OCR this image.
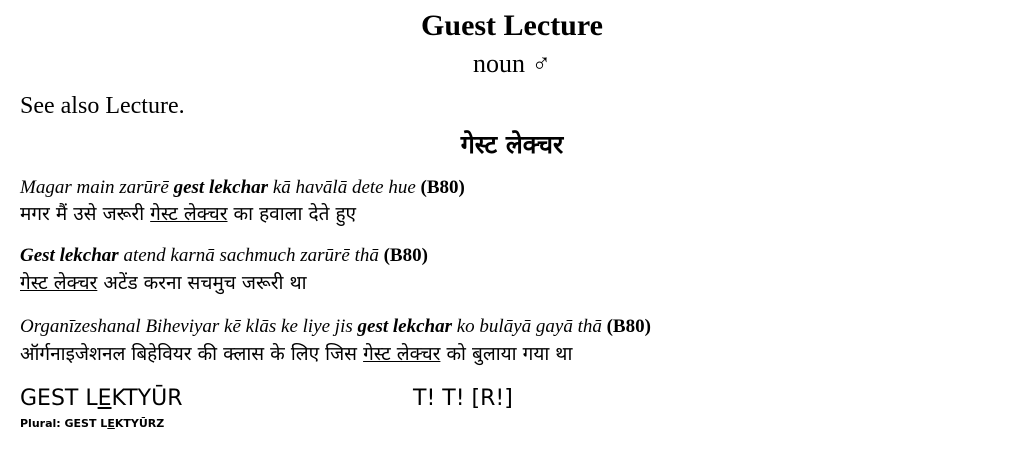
Guest Lecture
noun ♂
See also Lecture.
गेस्ट लेक्चर
Magar main zarūrē gest lekchar kā havālā dete hue (B80)
मगर मैं उसे जरूरी गेस्ट लेक्चर का हवाला देते हुए
Gest lekchar atend karnā sachmuch zarūrē thā (B80)
गेस्ट लेक्चर अटेंड करना सचमुच जरूरी था
Organīzeshanal Biheviyar kē klās ke liye jis gest lekchar ko bulāyā gayā thā (B80)
ऑर्गनाइजेशनल बिहेवियर की क्लास के लिए जिस गेस्ट लेक्चर को बुलाया गया था
GEST LEKTYŪR	T! T! [R!]
Plural: GEST LEKTYŪRZ
